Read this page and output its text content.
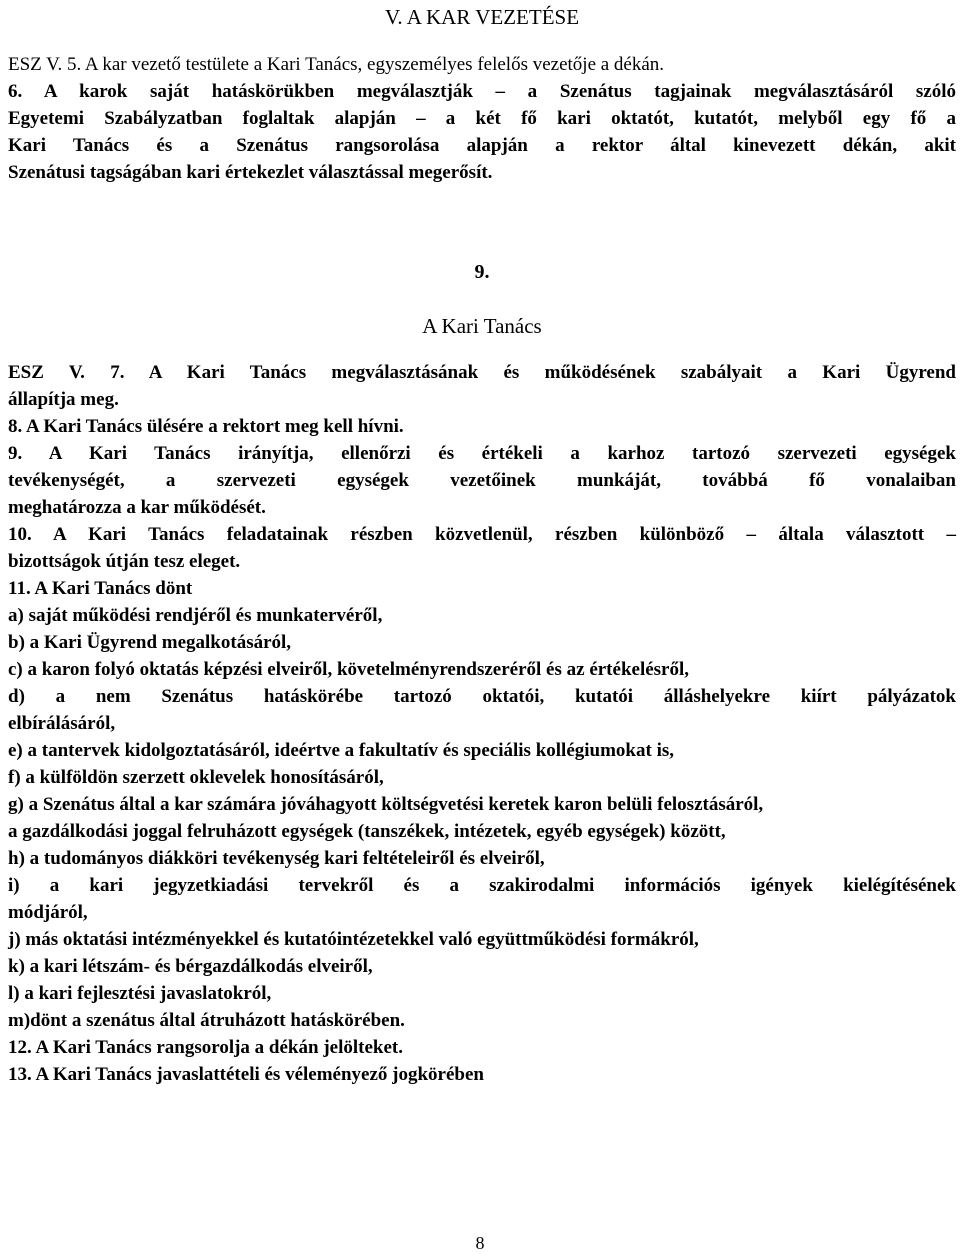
V. A KAR VEZETÉSE

ESZ V. 5. A kar vezető testülete a Kari Tanács, egyszemélyes felelős vezetője a dékán.

6. A karok saját hatáskörükben megválasztják – a Szenátus tagjainak megválasztásáról szóló

Egyetemi Szabályzatban foglaltak alapján – a két fő kari oktatót, kutatót, melyből egy fő a

Kari Tanács és a Szenátus rangsorolása alapján a rektor által kinevezett dékán, akit

Szenátusi tagságában kari értekezlet választással megerősít.

9.
A Kari Tanács

ESZ V. 7. A Kari Tanács megválasztásának és működésének szabályait a Kari Ügyrend

állapítja meg.

8. A Kari Tanács ülésére a rektort meg kell hívni.

9. A Kari Tanács irányítja, ellenőrzi és értékeli a karhoz tartozó szervezeti egységek

tevékenységét, a szervezeti egységek vezetőinek munkáját, továbbá fő vonalaiban

meghatározza a kar működését.

10. A Kari Tanács feladatainak részben közvetlenül, részben különböző – általa választott –

bizottságok útján tesz eleget.

11. A Kari Tanács dönt

a) saját működési rendjéről és munkatervéről,

b) a Kari Ügyrend megalkotásáról,

c) a karon folyó oktatás képzési elveiről, követelményrendszeréről és az értékelésről,

d) a nem Szenátus hatáskörébe tartozó oktatói, kutatói álláshelyekre kiírt pályázatok

elbírálásáról,

e) a tantervek kidolgoztatásáról, ideértve a fakultatív és speciális kollégiumokat is,

f) a külföldön szerzett oklevelek honosításáról,

g) a Szenátus által a kar számára jóváhagyott költségvetési keretek karon belüli felosztásáról,

a gazdálkodási joggal felruházott egységek (tanszékek, intézetek, egyéb egységek) között,

h) a tudományos diákköri tevékenység kari feltételeiről és elveiről,

i) a kari jegyzetkiadási tervekről és a szakirodalmi információs igények kielégítésének

módjáról,

j) más oktatási intézményekkel és kutatóintézetekkel való együttműködési formákról,

k) a kari létszám- és bérgazdálkodás elveiről,

l) a kari fejlesztési javaslatokról,

m)dönt a szenátus által átruházott hatáskörében.

12. A Kari Tanács rangsorolja a dékán jelölteket.

13. A Kari Tanács javaslattételi és véleményező jogkörében

8
